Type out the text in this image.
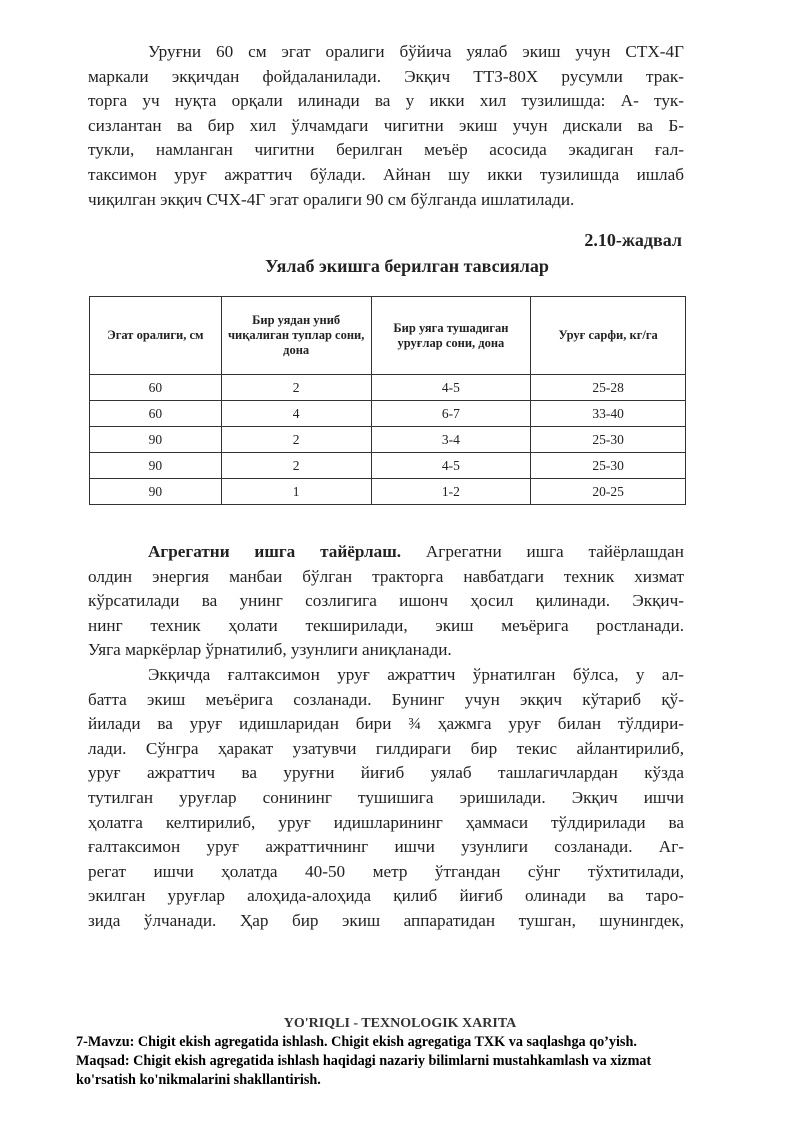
Уруғни 60 см эгат оралиги бўйича уялаб экиш учун СТХ-4Г
маркали экқичдан фойдаланилади. Экқич ТТЗ-80Х русумли трак-
торга уч нуқта орқали илинади ва у икки хил тузилишда: А- тук-
сизлантан ва бир хил ўлчамдаги чигитни экиш учун дискали ва Б-
тукли, намланган чигитни берилган меъёр асосида экадиган ғал-
таксимон уруғ ажраттич бўлади. Айнан шу икки тузилишда ишлаб
чиқилган экқич СЧХ-4Г эгат оралиги 90 см бўлганда ишлатилади.
2.10-жадвал
Уялаб экишга берилган тавсиялар
Эгат оралиги, см	Бир уядан униб чиқалиган туплар сони, дона	Бир уяга тушадиган уруғлар сони, дона	Уруғ сарфи, кг/га
60	2	4-5	25-28
60	4	6-7	33-40
90	2	3-4	25-30
90	2	4-5	25-30
90	1	1-2	20-25
Агрегатни ишга тайёрлаш. Агрегатни ишга тайёрлашдан
олдин энергия манбаи бўлган тракторга навбатдаги техник хизмат
кўрсатилади ва унинг созлигига ишонч ҳосил қилинади. Экқич-
нинг техник ҳолати текширилади, экиш меъёрига ростланади.
Уяга маркёрлар ўрнатилиб, узунлиги аниқланади.
Экқичда ғалтаксимон уруғ ажраттич ўрнатилган бўлса, у ал-
батта экиш меъёрига созланади. Бунинг учун экқич кўтариб қў-
йилади ва уруғ идишларидан бири ¾ ҳажмга уруғ билан тўлдири-
лади. Сўнгра ҳаракат узатувчи гилдираги бир текис айлантирилиб,
уруғ ажраттич ва уруғни йиғиб уялаб ташлагичлардан кўзда
тутилган уруғлар сонининг тушишига эришилади. Экқич ишчи
ҳолатга келтирилиб, уруғ идишларининг ҳаммаси тўлдирилади ва
ғалтаксимон уруғ ажраттичнинг ишчи узунлиги созланади. Аг-
регат ишчи ҳолатда 40-50 метр ўтгандан сўнг тўхтитилади,
экилган уруғлар алоҳида-алоҳида қилиб йиғиб олинади ва таро-
зида ўлчанади. Ҳар бир экиш аппаратидан тушган, шунингдек,
YO'RIQLI - TEXNOLOGIK XARITA
7-Mavzu: Chigit ekish agregatida ishlash. Chigit ekish agregatiga TXK va saqlashga qo’yish.
Maqsad: Chigit ekish agregatida ishlash haqidagi nazariy bilimlarni mustahkamlash va xizmat
ko'rsatish ko'nikmalarini shakllantirish.
